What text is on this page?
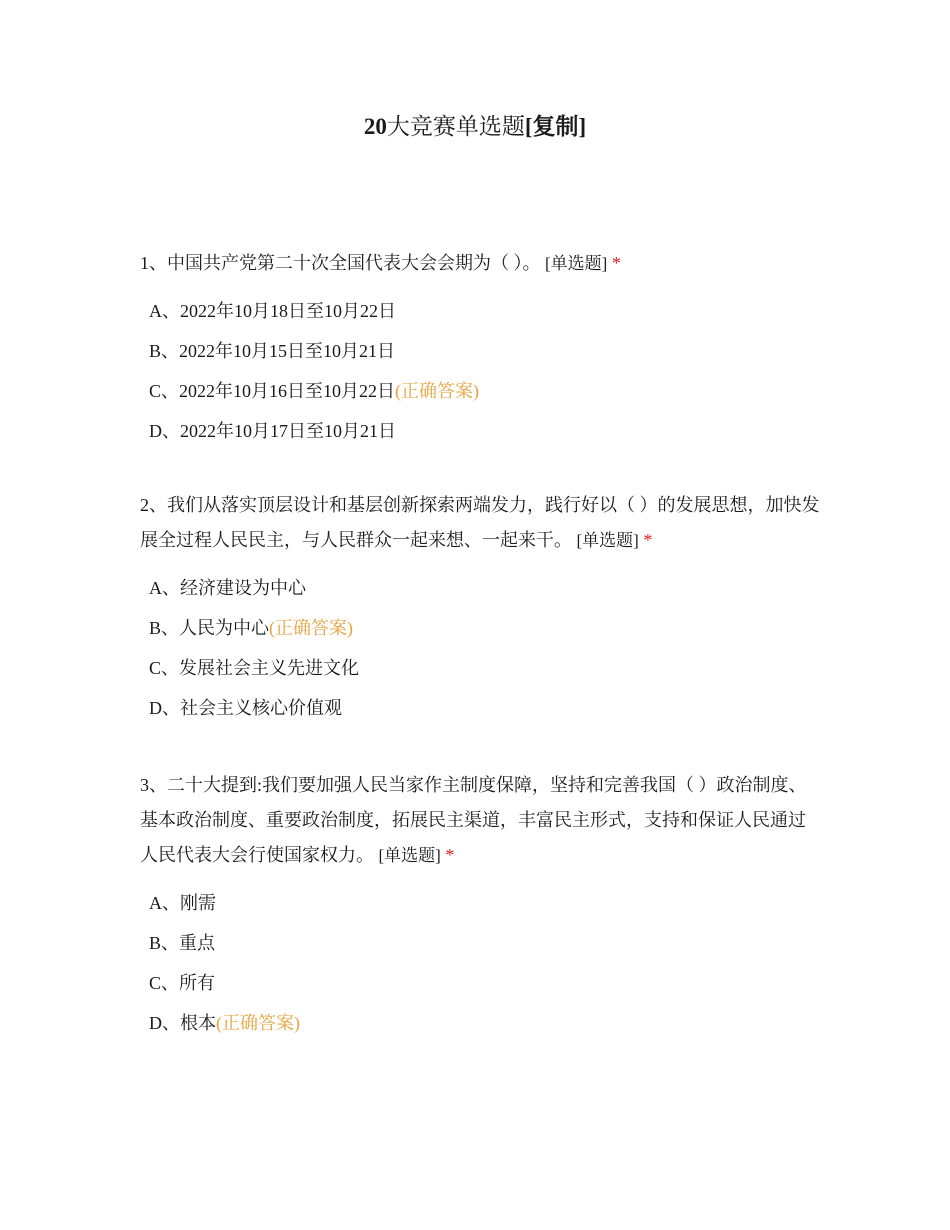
20大竞赛单选题[复制]

1、中国共产党第二十次全国代表大会会期为（ ）。 [单选题] *

A、2022年10月18日至10月22日
B、2022年10月15日至10月21日
C、2022年10月16日至10月22日(正确答案)
D、2022年10月17日至10月21日

2、我们从落实顶层设计和基层创新探索两端发力，践行好以（ ）的发展思想，加快发展全过程人民民主，与人民群众一起来想、一起来干。 [单选题] *

A、经济建设为中心
B、人民为中心(正确答案)
C、发展社会主义先进文化
D、社会主义核心价值观

3、二十大提到:我们要加强人民当家作主制度保障，坚持和完善我国（ ）政治制度、基本政治制度、重要政治制度，拓展民主渠道，丰富民主形式，支持和保证人民通过人民代表大会行使国家权力。 [单选题] *

A、刚需
B、重点
C、所有
D、根本(正确答案)
